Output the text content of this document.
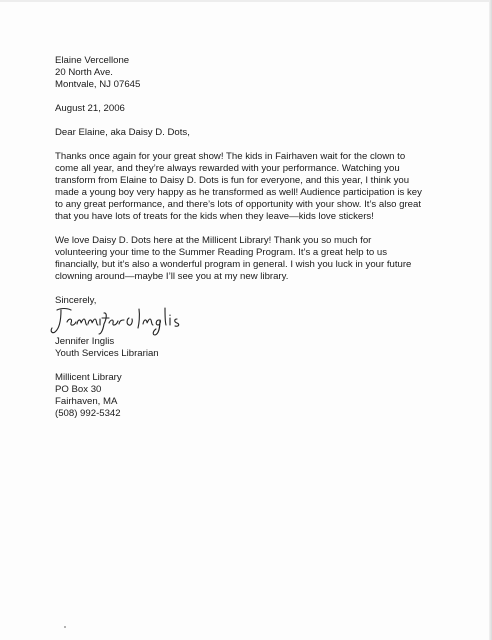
Elaine Vercellone
20 North Ave.
Montvale, NJ 07645
August 21, 2006
Dear Elaine, aka Daisy D. Dots,
Thanks once again for your great show! The kids in Fairhaven wait for the clown to
come all year, and they’re always rewarded with your performance. Watching you
transform from Elaine to Daisy D. Dots is fun for everyone, and this year, I think you
made a young boy very happy as he transformed as well! Audience participation is key
to any great performance, and there’s lots of opportunity with your show. It’s also great
that you have lots of treats for the kids when they leave—kids love stickers!
We love Daisy D. Dots here at the Millicent Library! Thank you so much for
volunteering your time to the Summer Reading Program. It’s a great help to us
financially, but it’s also a wonderful program in general. I wish you luck in your future
clowning around—maybe I’ll see you at my new library.
Sincerely,
Jennifer Inglis
Youth Services Librarian
Millicent Library
PO Box 30
Fairhaven, MA
(508) 992-5342
